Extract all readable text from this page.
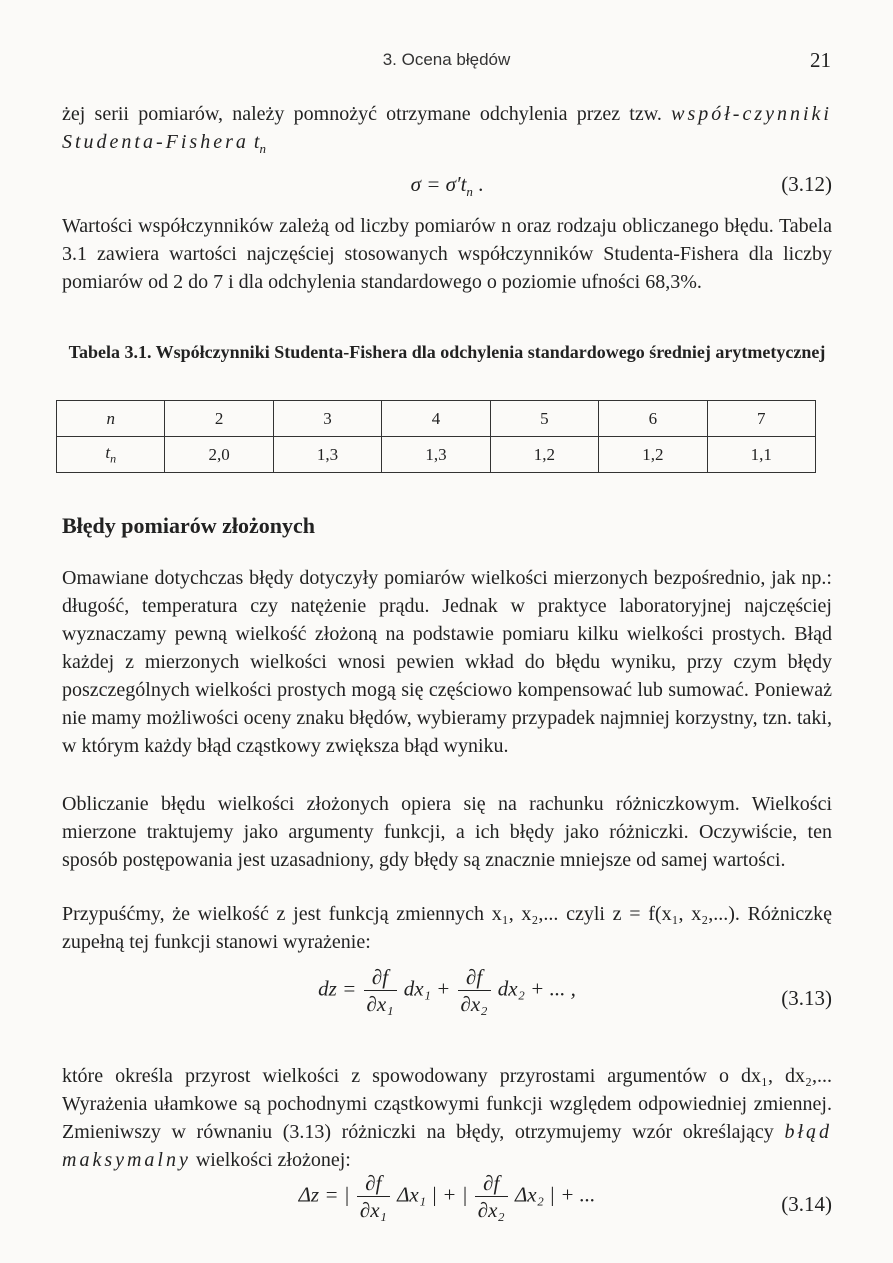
3. Ocena błędów	21
żej serii pomiarów, należy pomnożyć otrzymane odchylenia przez tzw. współ-czynniki Studenta-Fishera $t_n$
$\sigma = \sigma't_n$ .	(3.12)
Wartości współczynników zależą od liczby pomiarów n oraz rodzaju obliczanego błędu. Tabela 3.1 zawiera wartości najczęściej stosowanych współczynników Studenta-Fishera dla liczby pomiarów od 2 do 7 i dla odchylenia standardowego o poziomie ufności 68,3%.
Tabela 3.1. Współczynniki Studenta-Fishera dla odchylenia standardowego średniej arytmetycznej
n	2	3	4	5	6	7
$t_n$	2,0	1,3	1,3	1,2	1,2	1,1
Błędy pomiarów złożonych
Omawiane dotychczas błędy dotyczyły pomiarów wielkości mierzonych bezpośrednio, jak np.: długość, temperatura czy natężenie prądu. Jednak w praktyce laboratoryjnej najczęściej wyznaczamy pewną wielkość złożoną na podstawie pomiaru kilku wielkości prostych. Błąd każdej z mierzonych wielkości wnosi pewien wkład do błędu wyniku, przy czym błędy poszczególnych wielkości prostych mogą się częściowo kompensować lub sumować. Ponieważ nie mamy możliwości oceny znaku błędów, wybieramy przypadek najmniej korzystny, tzn. taki, w którym każdy błąd cząstkowy zwiększa błąd wyniku.
Obliczanie błędu wielkości złożonych opiera się na rachunku różniczkowym. Wielkości mierzone traktujemy jako argumenty funkcji, a ich błędy jako różniczki. Oczywiście, ten sposób postępowania jest uzasadniony, gdy błędy są znacznie mniejsze od samej wartości.
Przypuśćmy, że wielkość z jest funkcją zmiennych x₁, x₂,... czyli z = f(x₁, x₂,...). Różniczkę zupełną tej funkcji stanowi wyrażenie:
dz = $\frac{\partial f}{\text{∂x₁}} dx_1 + \frac{\partial f}{\text{∂x₂}} dx_2$ + ... ,	(3.13)
które określa przyrost wielkości z spowodowany przyrostami argumentów o dx₁, dx₂,... Wyrażenia ułamkowe są pochodnymi cząstkowymi funkcji względem odpowiedniej zmiennej. Zmieniwszy w równaniu (3.13) różniczki na błędy, otrzymujemy wzór określający błąd maksymalny wielkości złożonej:
Δz = | $\frac{\partial f}{\text{∂x₁}} \Delta x_1$ | + | $\frac{\partial f}{\text{∂x₂}} \Delta x_2$ | + ...	(3.14)
